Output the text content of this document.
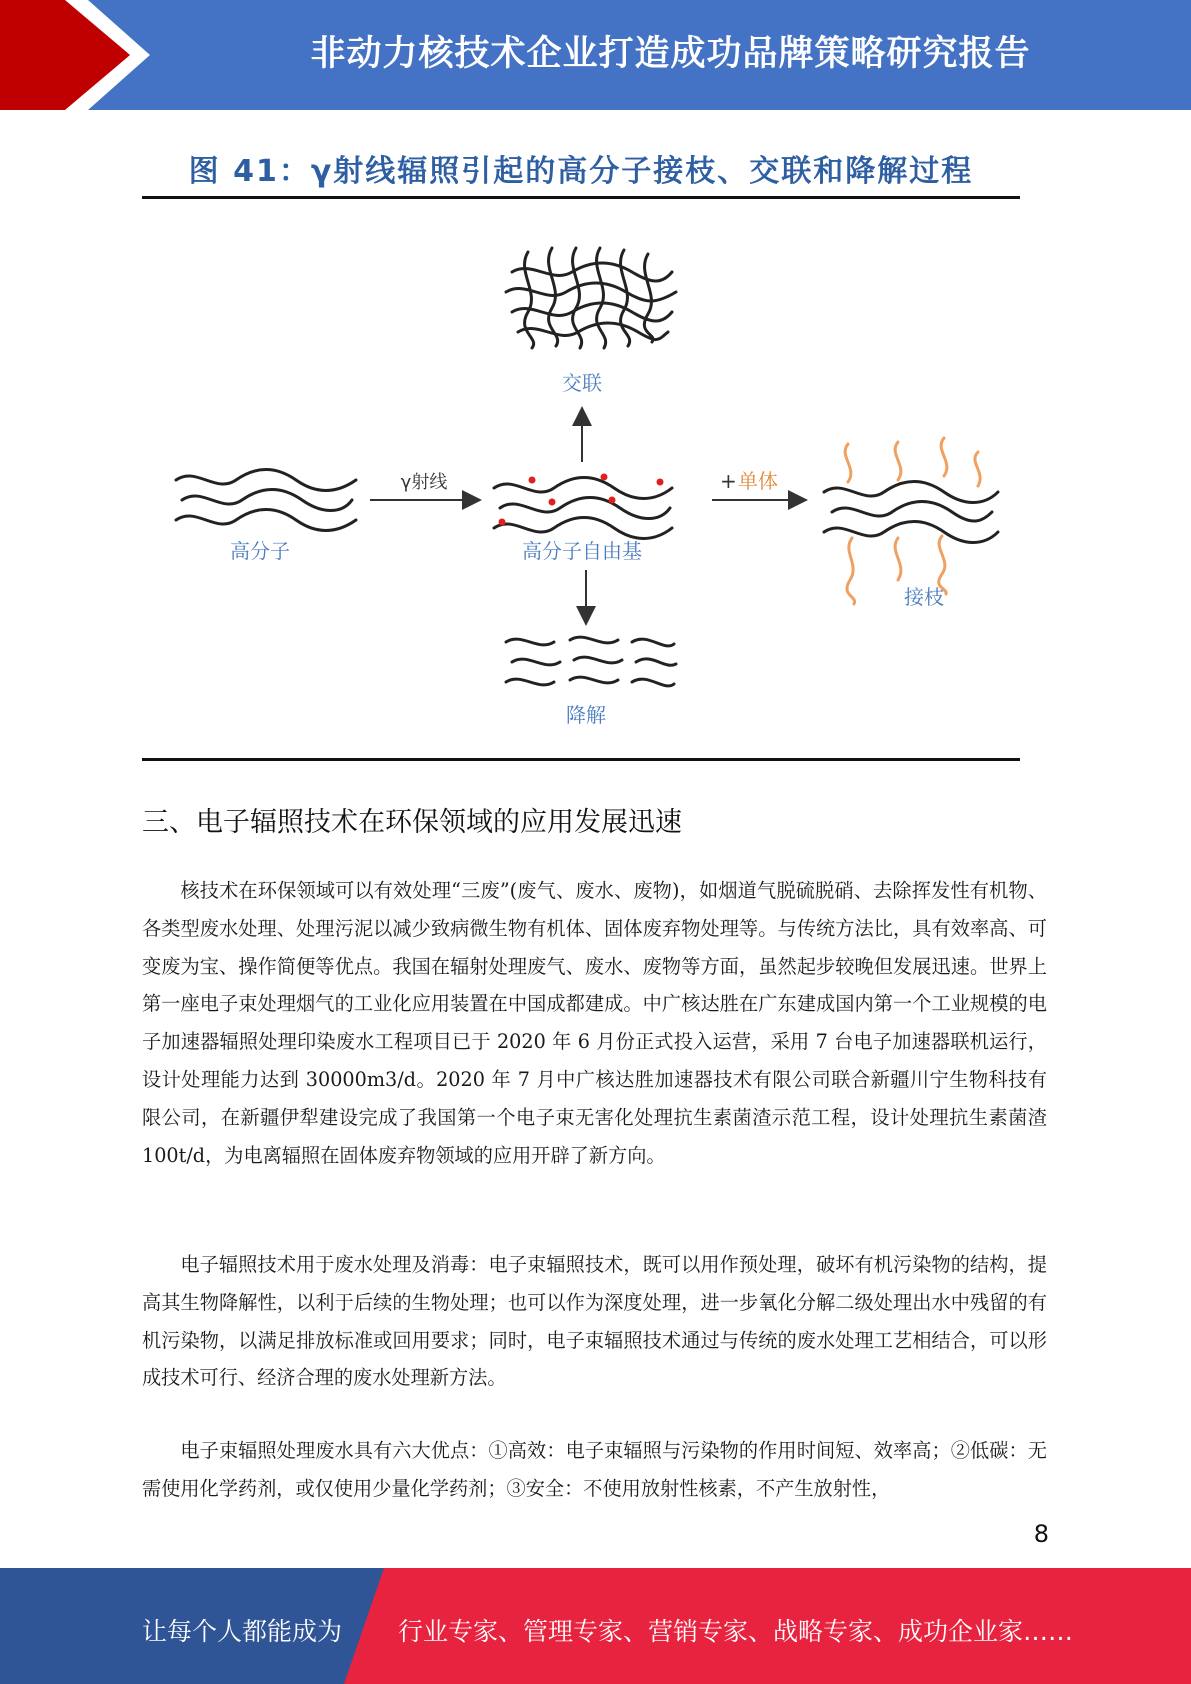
非动力核技术企业打造成功品牌策略研究报告
图 41：γ射线辐照引起的高分子接枝、交联和降解过程
高分子
γ射线
高分子自由基
交联
降解
+ 单体
接枝
三、电子辐照技术在环保领域的应用发展迅速

核技术在环保领域可以有效处理“三废”(废气、废水、废物)，如烟道气脱硫脱硝、去除挥发性有机物、各类型废水处理、处理污泥以减少致病微生物有机体、固体废弃物处理等。与传统方法比，具有效率高、可变废为宝、操作简便等优点。我国在辐射处理废气、废水、废物等方面，虽然起步较晚但发展迅速。世界上第一座电子束处理烟气的工业化应用装置在中国成都建成。中广核达胜在广东建成国内第一个工业规模的电子加速器辐照处理印染废水工程项目已于 2020 年 6 月份正式投入运营，采用 7 台电子加速器联机运行，设计处理能力达到 30000m3/d。2020 年 7 月中广核达胜加速器技术有限公司联合新疆川宁生物科技有限公司，在新疆伊犁建设完成了我国第一个电子束无害化处理抗生素菌渣示范工程，设计处理抗生素菌渣 100t/d，为电离辐照在固体废弃物领域的应用开辟了新方向。

电子辐照技术用于废水处理及消毒：电子束辐照技术，既可以用作预处理，破坏有机污染物的结构，提高其生物降解性，以利于后续的生物处理；也可以作为深度处理，进一步氧化分解二级处理出水中残留的有机污染物，以满足排放标准或回用要求；同时，电子束辐照技术通过与传统的废水处理工艺相结合，可以形成技术可行、经济合理的废水处理新方法。

电子束辐照处理废水具有六大优点：①高效：电子束辐照与污染物的作用时间短、效率高；②低碳：无需使用化学药剂，或仅使用少量化学药剂；③安全：不使用放射性核素，不产生放射性，

8
让每个人都能成为 行业专家、管理专家、营销专家、战略专家、成功企业家……
